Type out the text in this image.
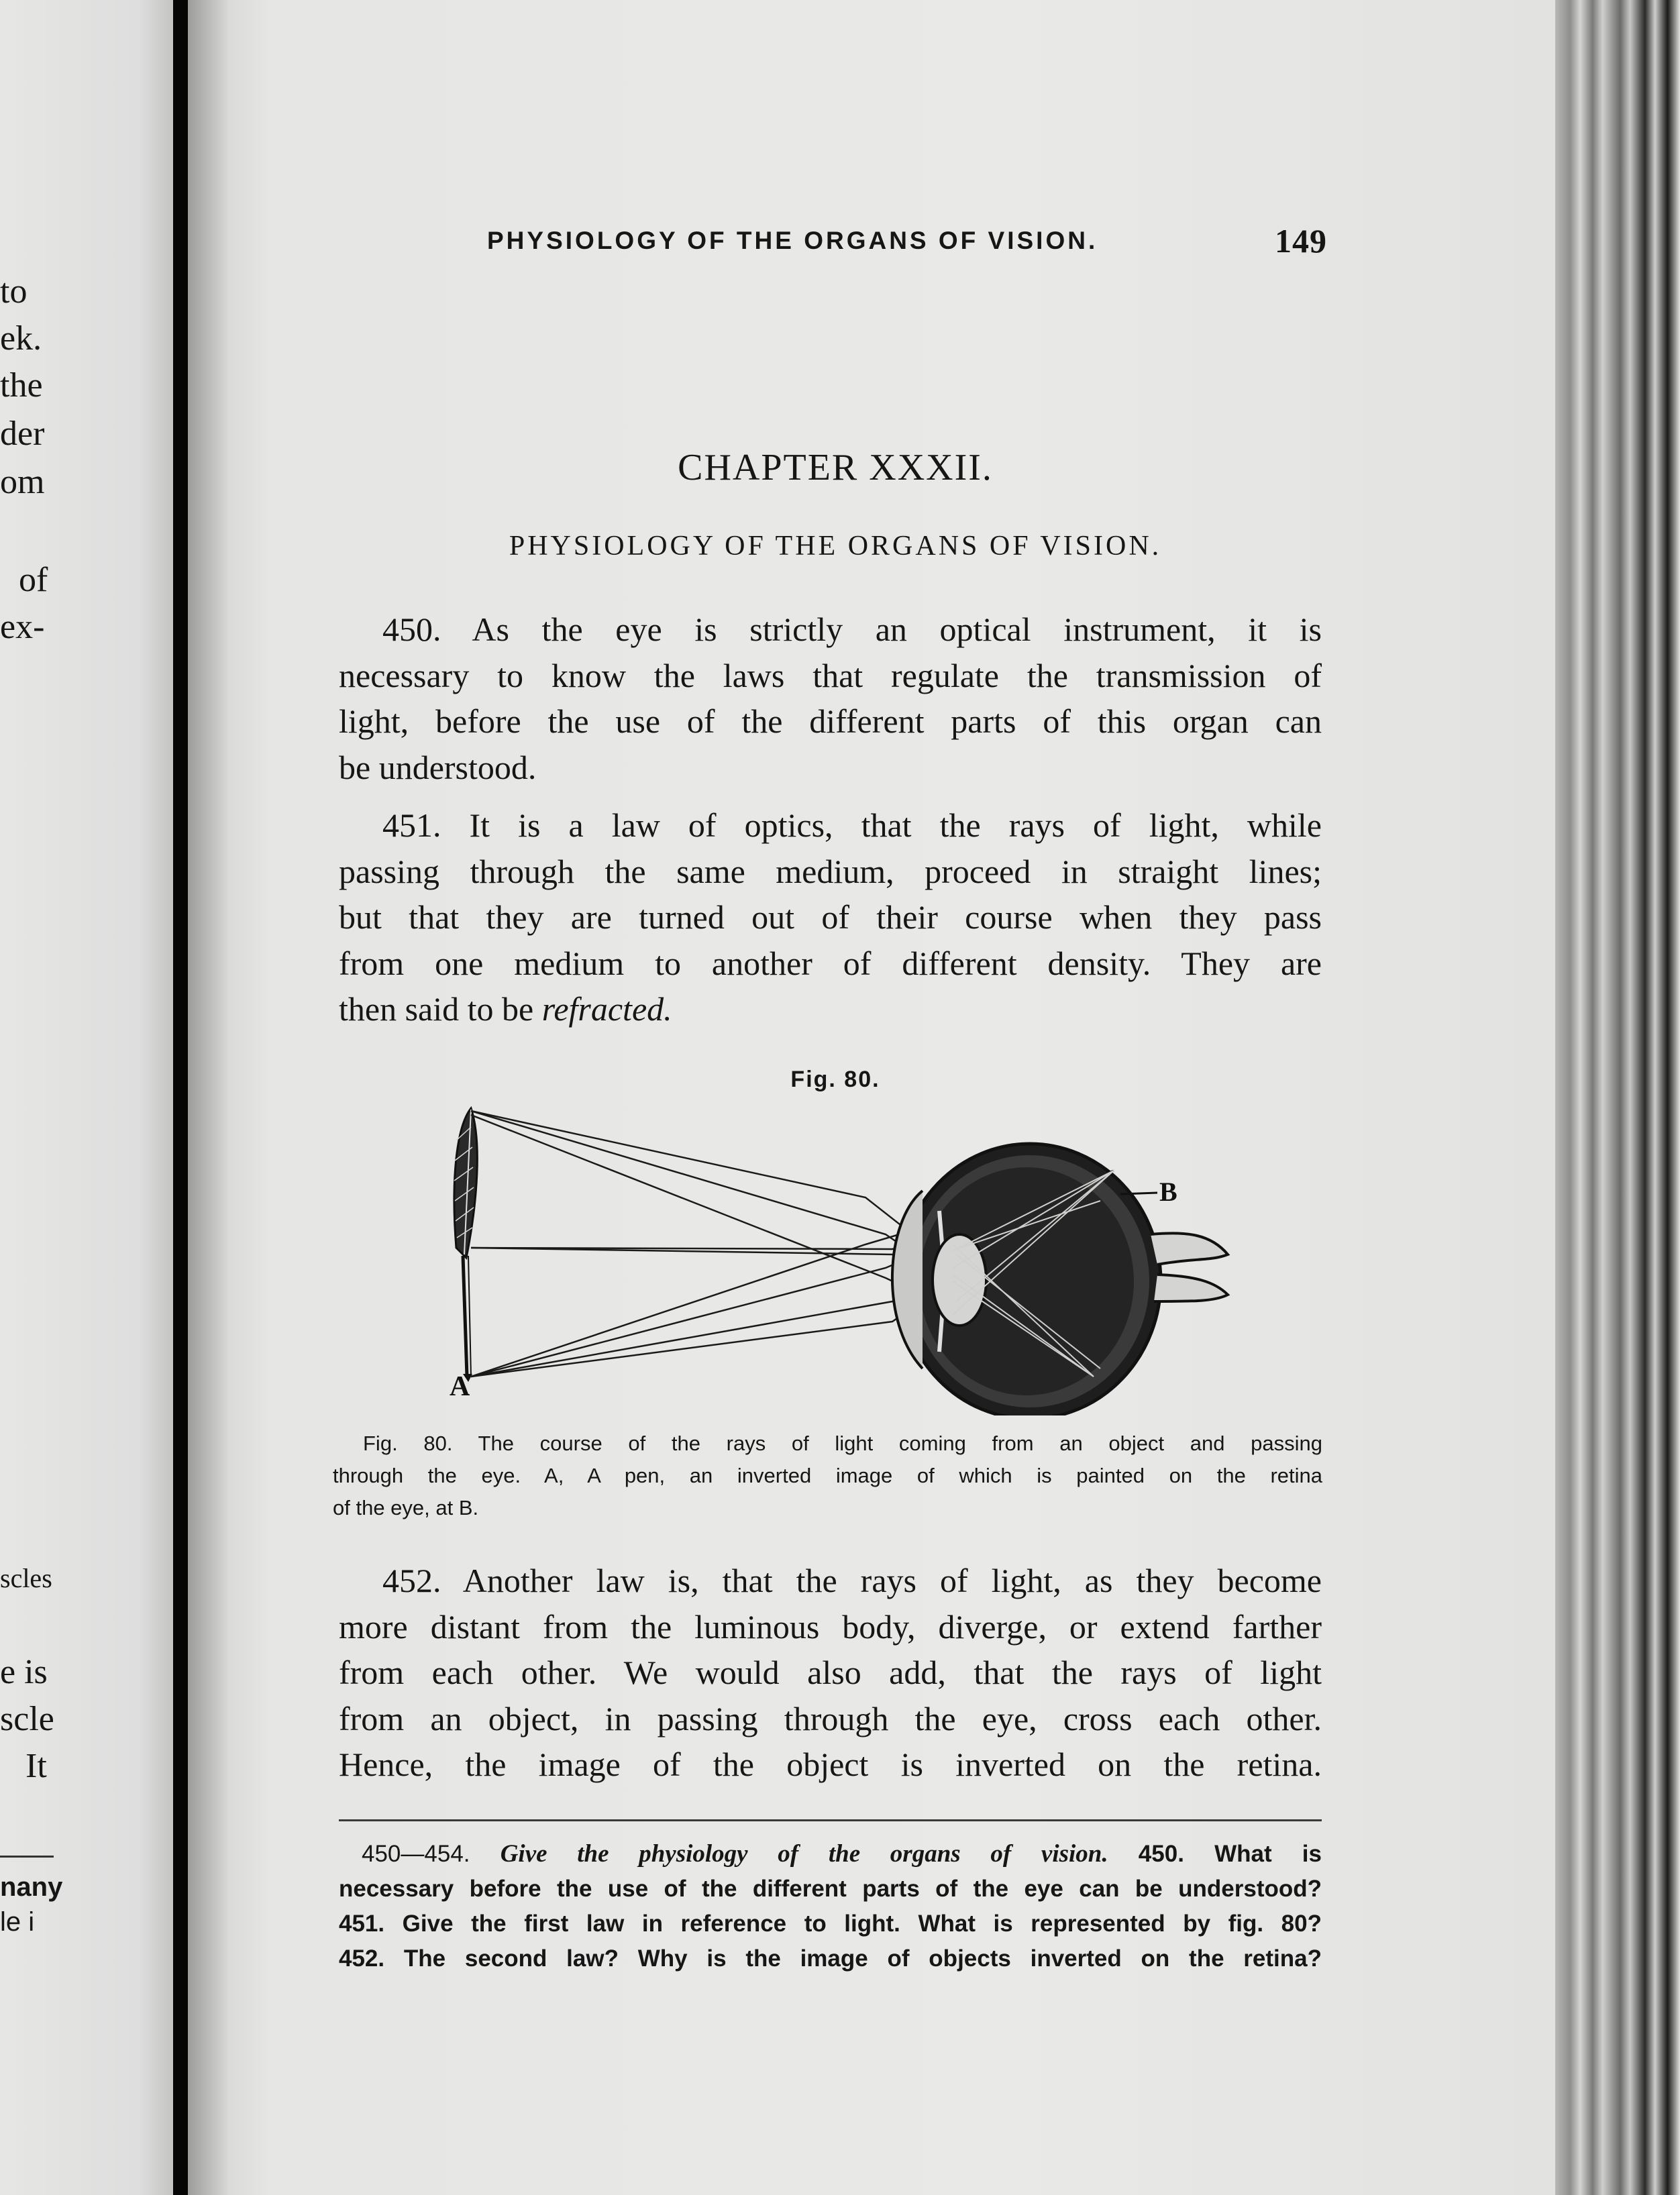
to
ek.
the
der
om
of
ex-
scles
e is
scle
It
nany
le i
PHYSIOLOGY OF THE ORGANS OF VISION.	149
CHAPTER XXXII.
PHYSIOLOGY OF THE ORGANS OF VISION.
450. As the eye is strictly an optical instrument, it is
necessary to know the laws that regulate the transmission of
light, before the use of the different parts of this organ can
be understood.
451. It is a law of optics, that the rays of light, while
passing through the same medium, proceed in straight lines;
but that they are turned out of their course when they pass
from one medium to another of different density. They are
then said to be refracted.
Fig. 80.
A
B
Fig. 80. The course of the rays of light coming from an object and passing
through the eye. A, A pen, an inverted image of which is painted on the retina
of the eye, at B.
452. Another law is, that the rays of light, as they become
more distant from the luminous body, diverge, or extend farther
from each other. We would also add, that the rays of light
from an object, in passing through the eye, cross each other.
Hence, the image of the object is inverted on the retina.
450—454. Give the physiology of the organs of vision. 450. What is
necessary before the use of the different parts of the eye can be understood?
451. Give the first law in reference to light. What is represented by fig. 80?
452. The second law? Why is the image of objects inverted on the retina?
